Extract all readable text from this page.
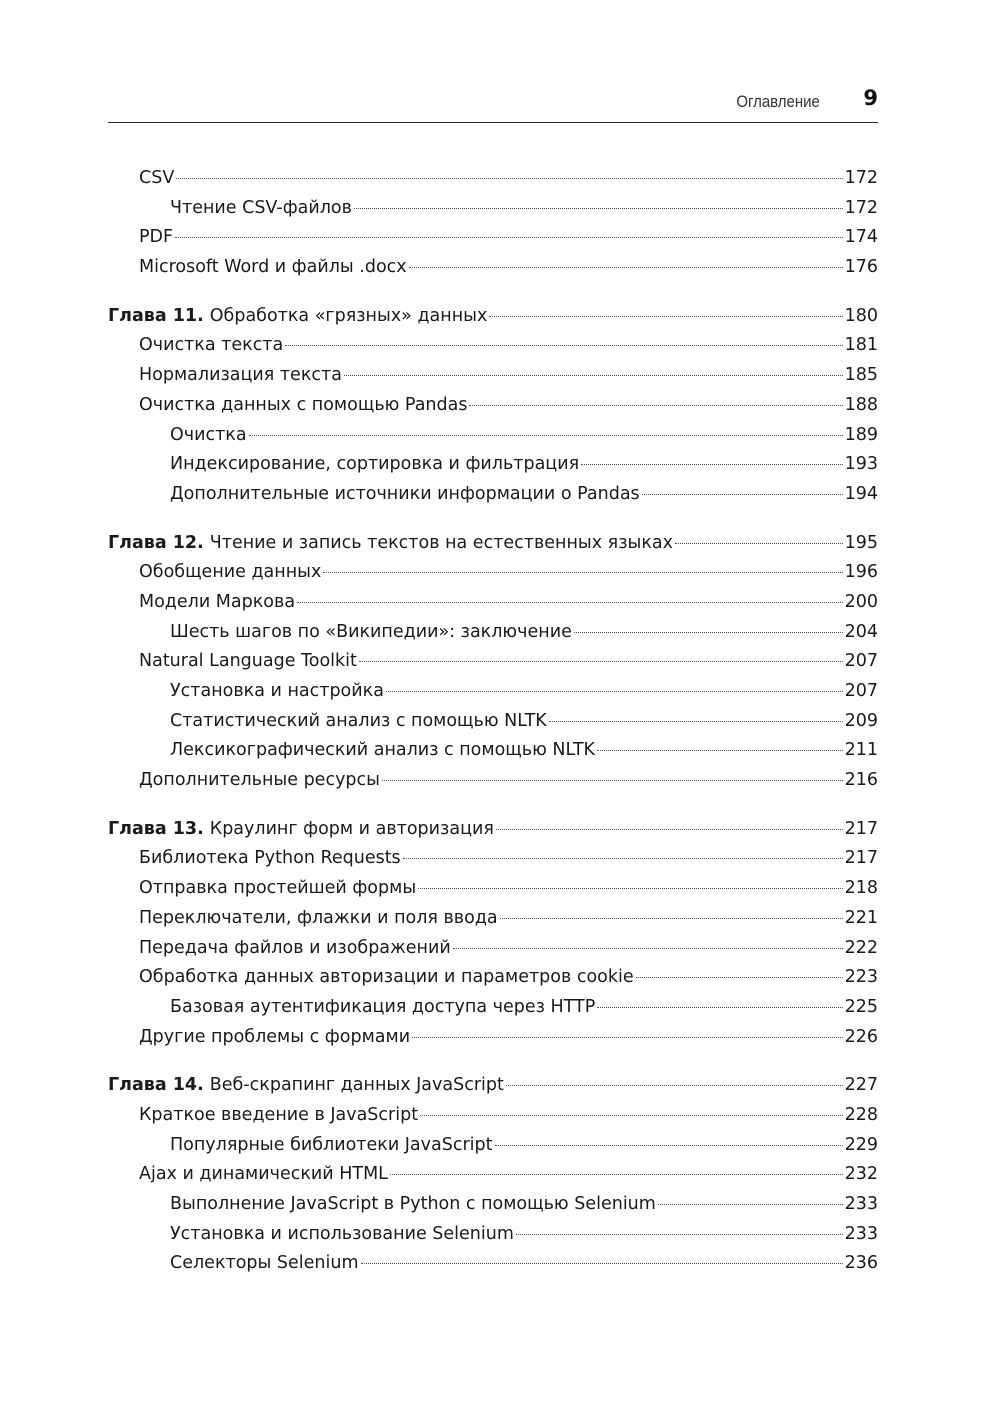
Оглавление 9
CSV	172
Чтение CSV-файлов	172
PDF	174
Microsoft Word и файлы .docx	176
Глава 11. Обработка «грязных» данных	180
Очистка текста	181
Нормализация текста	185
Очистка данных с помощью Pandas	188
Очистка	189
Индексирование, сортировка и фильтрация	193
Дополнительные источники информации о Pandas	194
Глава 12. Чтение и запись текстов на естественных языках	195
Обобщение данных	196
Модели Маркова	200
Шесть шагов по «Википедии»: заключение	204
Natural Language Toolkit	207
Установка и настройка	207
Статистический анализ с помощью NLTK	209
Лексикографический анализ с помощью NLTK	211
Дополнительные ресурсы	216
Глава 13. Краулинг форм и авторизация	217
Библиотека Python Requests	217
Отправка простейшей формы	218
Переключатели, флажки и поля ввода	221
Передача файлов и изображений	222
Обработка данных авторизации и параметров cookie	223
Базовая аутентификация доступа через HTTP	225
Другие проблемы с формами	226
Глава 14. Веб-скрапинг данных JavaScript	227
Краткое введение в JavaScript	228
Популярные библиотеки JavaScript	229
Ajax и динамический HTML	232
Выполнение JavaScript в Python с помощью Selenium	233
Установка и использование Selenium	233
Селекторы Selenium	236
